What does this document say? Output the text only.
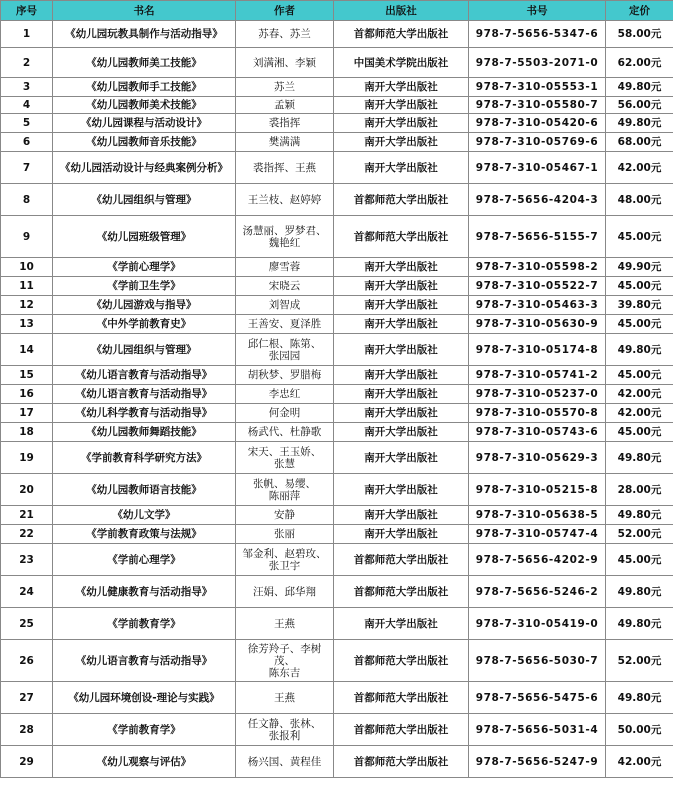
序号	书名	作者	出版社	书号	定价
1	《幼儿园玩教具制作与活动指导》	苏春、苏兰	首都师范大学出版社	978-7-5656-5347-6	58.00元
2	《幼儿园教师美工技能》	刘满湘、李颖	中国美术学院出版社	978-7-5503-2071-0	62.00元
3	《幼儿园教师手工技能》	苏兰	南开大学出版社	978-7-310-05553-1	49.80元
4	《幼儿园教师美术技能》	孟颖	南开大学出版社	978-7-310-05580-7	56.00元
5	《幼儿园课程与活动设计》	裘指挥	南开大学出版社	978-7-310-05420-6	49.80元
6	《幼儿园教师音乐技能》	樊满满	南开大学出版社	978-7-310-05769-6	68.00元
7	《幼儿园活动设计与经典案例分析》	裘指挥、王燕	南开大学出版社	978-7-310-05467-1	42.00元
8	《幼儿园组织与管理》	王兰枝、赵婷婷	首都师范大学出版社	978-7-5656-4204-3	48.00元
9	《幼儿园班级管理》	汤慧丽、罗梦君、
魏艳红	首都师范大学出版社	978-7-5656-5155-7	45.00元
10	《学前心理学》	廖雪蓉	南开大学出版社	978-7-310-05598-2	49.90元
11	《学前卫生学》	宋晓云	南开大学出版社	978-7-310-05522-7	45.00元
12	《幼儿园游戏与指导》	刘智成	南开大学出版社	978-7-310-05463-3	39.80元
13	《中外学前教育史》	王善安、夏泽胜	南开大学出版社	978-7-310-05630-9	45.00元
14	《幼儿园组织与管理》	邱仁根、陈第、
张园园	南开大学出版社	978-7-310-05174-8	49.80元
15	《幼儿语言教育与活动指导》	胡秋梦、罗腊梅	南开大学出版社	978-7-310-05741-2	45.00元
16	《幼儿语言教育与活动指导》	李忠红	南开大学出版社	978-7-310-05237-0	42.00元
17	《幼儿科学教育与活动指导》	何金明	南开大学出版社	978-7-310-05570-8	42.00元
18	《幼儿园教师舞蹈技能》	杨武代、杜静歌	南开大学出版社	978-7-310-05743-6	45.00元
19	《学前教育科学研究方法》	宋天、王玉娇、
张慧	南开大学出版社	978-7-310-05629-3	49.80元
20	《幼儿园教师语言技能》	张帆、易缨、
陈丽萍	南开大学出版社	978-7-310-05215-8	28.00元
21	《幼儿文学》	安静	南开大学出版社	978-7-310-05638-5	49.80元
22	《学前教育政策与法规》	张丽	南开大学出版社	978-7-310-05747-4	52.00元
23	《学前心理学》	邹金利、赵碧玫、
张卫宇	首都师范大学出版社	978-7-5656-4202-9	45.00元
24	《幼儿健康教育与活动指导》	汪娟、邱华翔	首都师范大学出版社	978-7-5656-5246-2	49.80元
25	《学前教育学》	王燕	南开大学出版社	978-7-310-05419-0	49.80元
26	《幼儿语言教育与活动指导》	徐芳羚子、李树茂、
陈东吉	首都师范大学出版社	978-7-5656-5030-7	52.00元
27	《幼儿园环境创设-理论与实践》	王燕	首都师范大学出版社	978-7-5656-5475-6	49.80元
28	《学前教育学》	任文静、张林、
张报利	首都师范大学出版社	978-7-5656-5031-4	50.00元
29	《幼儿观察与评估》	杨兴国、黄程佳	首都师范大学出版社	978-7-5656-5247-9	42.00元
